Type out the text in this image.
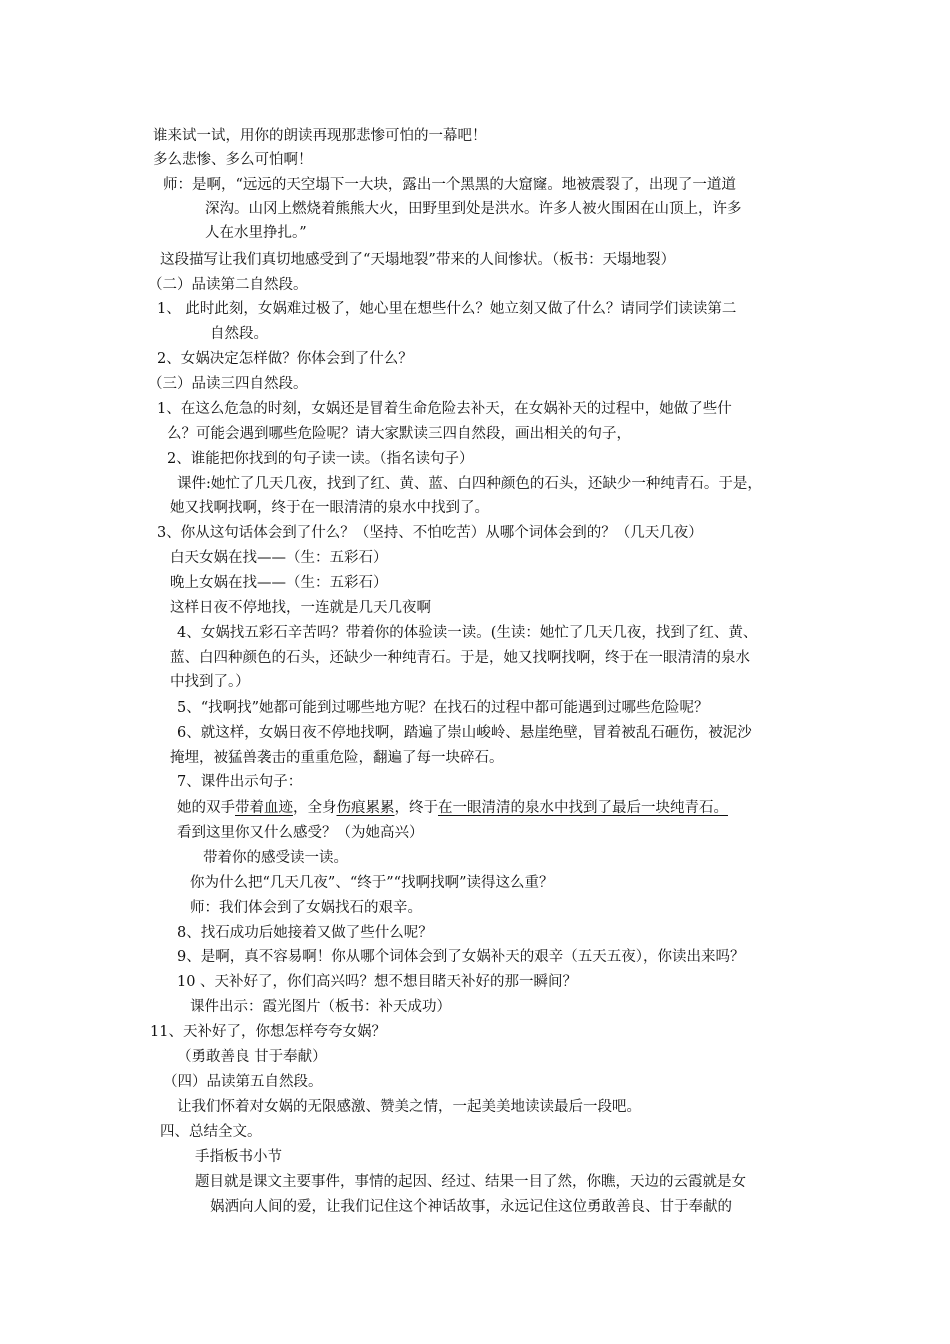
谁来试一试，用你的朗读再现那悲惨可怕的一幕吧！
多么悲惨、多么可怕啊！
师：是啊，“远远的天空塌下一大块，露出一个黑黑的大窟窿。地被震裂了，出现了一道道
深沟。山冈上燃烧着熊熊大火，田野里到处是洪水。许多人被火围困在山顶上，许多
人在水里挣扎。”
这段描写让我们真切地感受到了“天塌地裂”带来的人间惨状。（板书：天塌地裂）
（二）品读第二自然段。
1、 此时此刻，女娲难过极了，她心里在想些什么？她立刻又做了什么？请同学们读读第二
自然段。
2、女娲决定怎样做？你体会到了什么？
（三）品读三四自然段。
1、在这么危急的时刻，女娲还是冒着生命危险去补天，在女娲补天的过程中，她做了些什
么？可能会遇到哪些危险呢？请大家默读三四自然段，画出相关的句子，
2、谁能把你找到的句子读一读。（指名读句子）
课件:她忙了几天几夜，找到了红、黄、蓝、白四种颜色的石头，还缺少一种纯青石。于是，
她又找啊找啊，终于在一眼清清的泉水中找到了。
3、你从这句话体会到了什么？（坚持、不怕吃苦）从哪个词体会到的？（几天几夜）
白天女娲在找——（生：五彩石）
晚上女娲在找——（生：五彩石）
这样日夜不停地找，一连就是几天几夜啊
4、女娲找五彩石辛苦吗？带着你的体验读一读。(生读：她忙了几天几夜，找到了红、黄、
蓝、白四种颜色的石头，还缺少一种纯青石。于是，她又找啊找啊，终于在一眼清清的泉水
中找到了。）
5、“找啊找”她都可能到过哪些地方呢？在找石的过程中都可能遇到过哪些危险呢？
6、就这样，女娲日夜不停地找啊，踏遍了崇山峻岭、悬崖绝壁，冒着被乱石砸伤，被泥沙
掩埋，被猛兽袭击的重重危险，翻遍了每一块碎石。
7、课件出示句子：
她的双手带着血迹，全身伤痕累累，终于在一眼清清的泉水中找到了最后一块纯青石。
看到这里你又什么感受？（为她高兴）
带着你的感受读一读。
你为什么把“几天几夜”、“终于”“找啊找啊”读得这么重？
师：我们体会到了女娲找石的艰辛。
8、找石成功后她接着又做了些什么呢？
9、是啊，真不容易啊！你从哪个词体会到了女娲补天的艰辛（五天五夜），你读出来吗？
10 、天补好了，你们高兴吗？想不想目睹天补好的那一瞬间？
课件出示：霞光图片（板书：补天成功）
11、天补好了，你想怎样夸夸女娲？
（勇敢善良 甘于奉献）
（四）品读第五自然段。
让我们怀着对女娲的无限感激、赞美之情，一起美美地读读最后一段吧。
四、总结全文。
手指板书小节
题目就是课文主要事件，事情的起因、经过、结果一目了然，你瞧，天边的云霞就是女
娲洒向人间的爱，让我们记住这个神话故事，永远记住这位勇敢善良、甘于奉献的
